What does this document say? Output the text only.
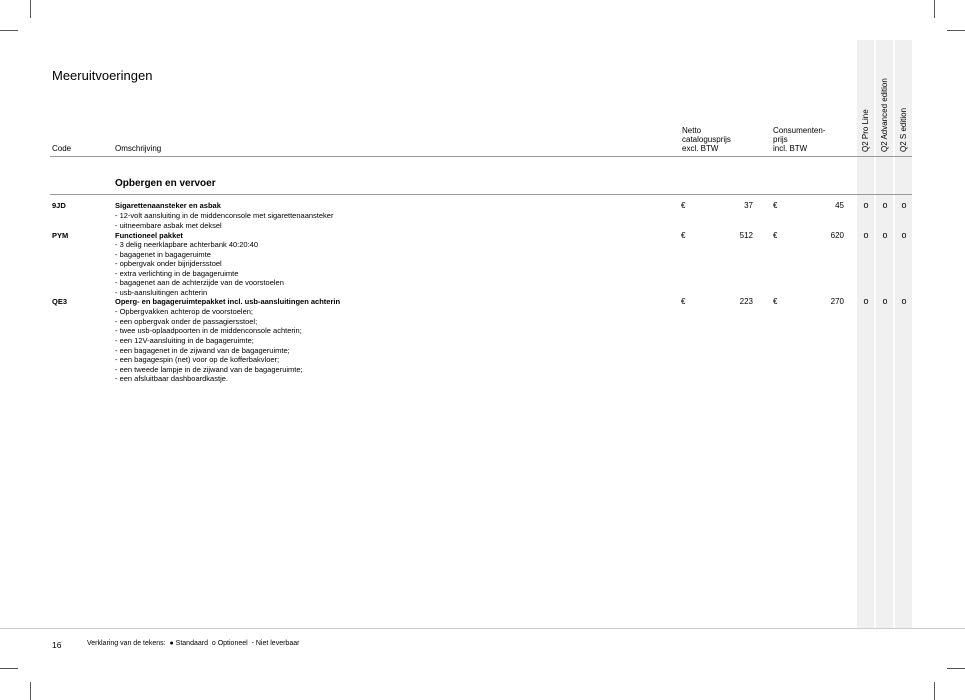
Meeruitvoeringen
Code	Omschrijving
Netto
catalogusprijs
excl. BTW
Consumenten-
prijs
incl. BTW	Q2 Pro Line Q2 Advanced edition Q2 S edition
Opbergen en vervoer
9JD	Sigarettenaansteker en asbak
- 12-volt aansluiting in de middenconsole met sigarettenaansteker
- uitneembare asbak met deksel
€	37	€	45	o	o	o
PYM	Functioneel pakket
- 3 delig neerklapbare achterbank 40:20:40
- bagagenet in bagageruimte
- opbergvak onder bijrijdersstoel
- extra verlichting in de bagageruimte
- bagagenet aan de achterzijde van de voorstoelen
- usb-aansluitingen achterin
€	512	€	620	o	o	o
QE3	Operg- en bagageruimtepakket incl. usb-aansluitingen achterin
- Opbergvakken achterop de voorstoelen;
- een opbergvak onder de passagiersstoel;
- twee usb-oplaadpoorten in de middenconsole achterin;
- een 12V-aansluiting in de bagageruimte;
- een bagagenet in de zijwand van de bagageruimte;
- een bagagespin (net) voor op de kofferbakvloer;
- een tweede lampje in de zijwand van de bagageruimte;
- een afsluitbaar dashboardkastje.
€	223	€	270	o	o	o
16	Verklaring van de tekens: ● Standaard o Optioneel - Niet leverbaar
